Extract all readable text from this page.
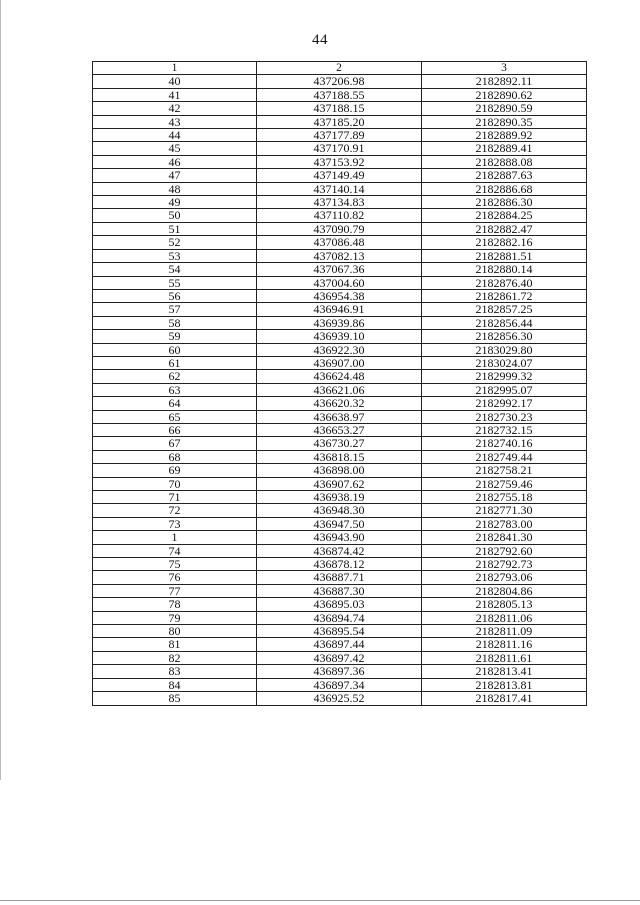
44
1	2	3
40	437206.98	2182892.11
41	437188.55	2182890.62
42	437188.15	2182890.59
43	437185.20	2182890.35
44	437177.89	2182889.92
45	437170.91	2182889.41
46	437153.92	2182888.08
47	437149.49	2182887.63
48	437140.14	2182886.68
49	437134.83	2182886.30
50	437110.82	2182884.25
51	437090.79	2182882.47
52	437086.48	2182882.16
53	437082.13	2182881.51
54	437067.36	2182880.14
55	437004.60	2182876.40
56	436954.38	2182861.72
57	436946.91	2182857.25
58	436939.86	2182856.44
59	436939.10	2182856.30
60	436922.30	2183029.80
61	436907.00	2183024.07
62	436624.48	2182999.32
63	436621.06	2182995.07
64	436620.32	2182992.17
65	436638.97	2182730.23
66	436653.27	2182732.15
67	436730.27	2182740.16
68	436818.15	2182749.44
69	436898.00	2182758.21
70	436907.62	2182759.46
71	436938.19	2182755.18
72	436948.30	2182771.30
73	436947.50	2182783.00
1	436943.90	2182841.30
74	436874.42	2182792.60
75	436878.12	2182792.73
76	436887.71	2182793.06
77	436887.30	2182804.86
78	436895.03	2182805.13
79	436894.74	2182811.06
80	436895.54	2182811.09
81	436897.44	2182811.16
82	436897.42	2182811.61
83	436897.36	2182813.41
84	436897.34	2182813.81
85	436925.52	2182817.41
